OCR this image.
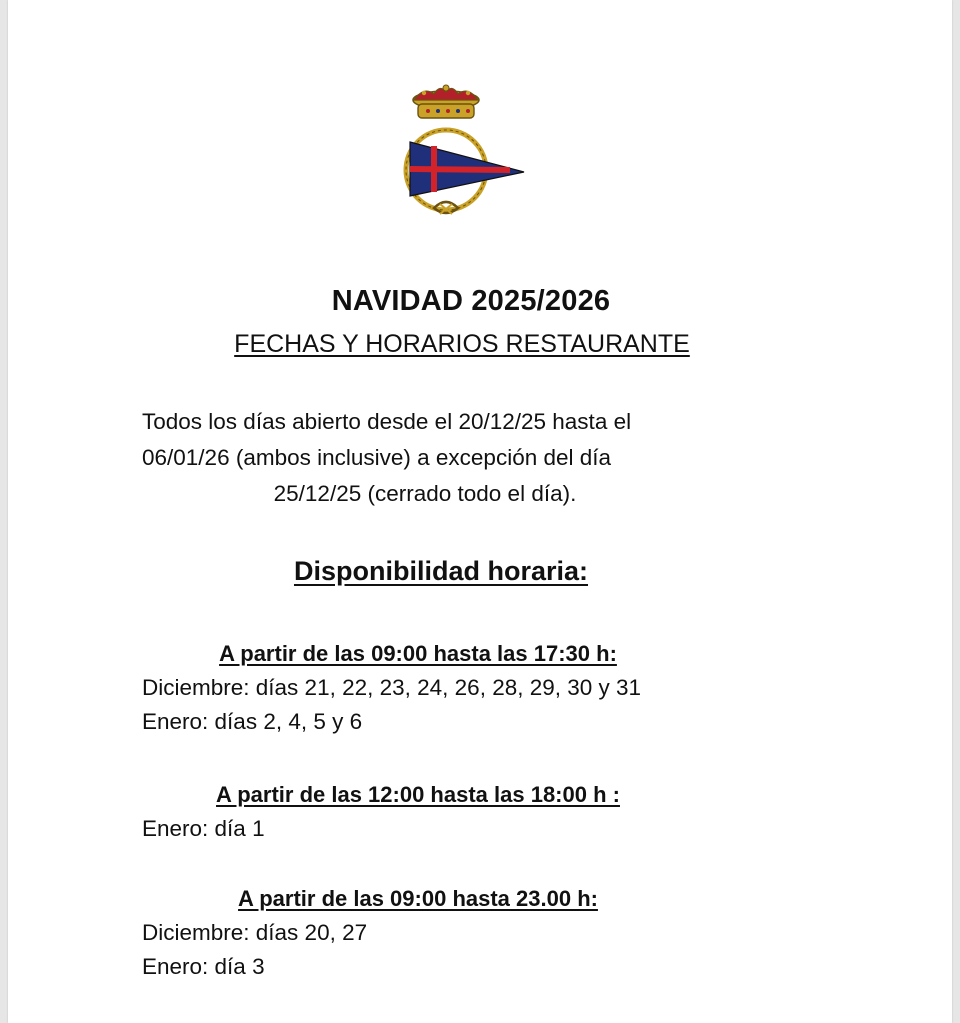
NAVIDAD 2025/2026
FECHAS Y HORARIOS RESTAURANTE
Todos los días abierto desde el 20/12/25 hasta el
06/01/26 (ambos inclusive) a excepción del día
25/12/25 (cerrado todo el día).
Disponibilidad horaria:
A partir de las 09:00 hasta las 17:30 h:
Diciembre: días 21, 22, 23, 24, 26, 28, 29, 30 y 31
Enero: días 2, 4, 5 y 6
A partir de las 12:00 hasta las 18:00 h :
Enero: día 1
A partir de las 09:00 hasta 23.00 h:
Diciembre: días 20, 27
Enero: día 3
